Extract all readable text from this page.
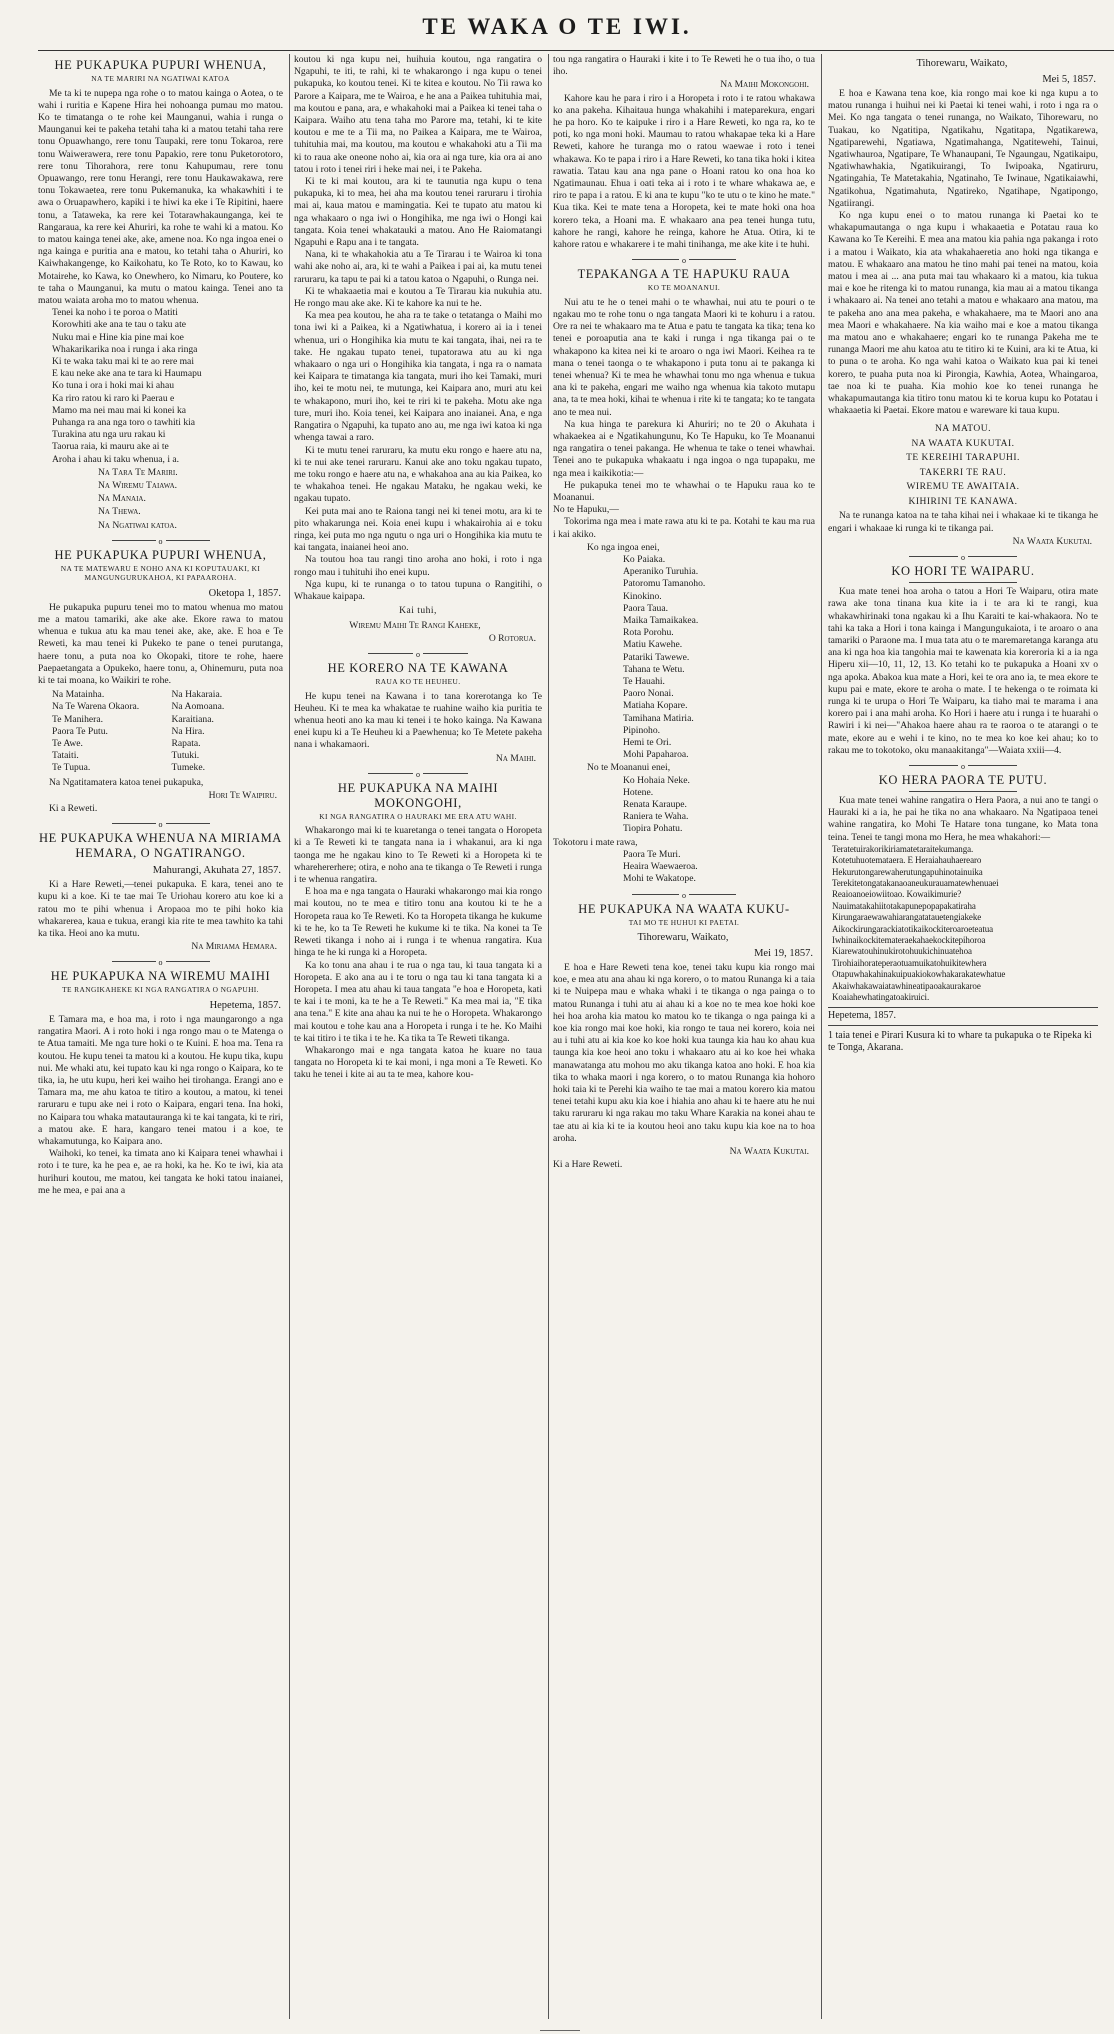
TE WAKA O TE IWI.
HE PUKAPUKA PUPURI WHENUA,
NA TE MARIRI NA NGATIWAI KATOA

Me ta ki te nupepa nga rohe o to matou kainga o Aotea, o te wahi i ruritia e Kapene Hira hei nohoanga pumau mo matou. Ko te timatanga o te rohe kei Maunganui, wahia i runga o Maunganui kei te pakeha tetahi taha ki a matou tetahi taha rere tonu Opuawhango, rere tonu Taupaki, rere tonu Tokaroa, rere tonu Waiwerawera, rere tonu Papakio, rere tonu Puketorotoro, rere tonu Tihorahora, rere tonu Kahupumau, rere tonu Opuawango, rere tonu Herangi, rere tonu Haukawakawa, rere tonu Tokawaetea, rere tonu Pukemanuka, ka whakawhiti i te awa o Oruapawhero, kapiki i te hiwi ka eke i Te Ripitini, haere tonu, a Tataweka, ka rere kei Totarawhakaunganga, kei te Rangaraua, ka rere kei Ahuriri, ka rohe te wahi ki a matou. Ko to matou kainga tenei ake, ake, amene noa. Ko nga ingoa enei o nga kainga e puritia ana e matou, ko tetahi taha o Ahuriri, ko Kaiwhakangenge, ko Kaikohatu, ko Te Roto, ko to Kawau, ko Motairehe, ko Kawa, ko Onewhero, ko Nimaru, ko Poutere, ko te taha o Maunganui, ka mutu o matou kainga. Tenei ano ta matou waiata aroha mo to matou whenua.

Tenei ka noho i te poroa o Matiti
Korowhiti ake ana te tau o taku ate
Nuku mai e Hine kia pine mai koe
Whakarikarika noa i runga i aka ringa
Ki te waka taku mai ki te ao rere mai
E kau neke ake ana te tara ki Haumapu
Ko tuna i ora i hoki mai ki ahau
Ka riro ratou ki raro ki Paerau e
Mamo ma nei mau mai ki konei ka
Puhanga ra ana nga toro o tawhiti kia
Turakina atu nga uru rakau ki
Taorua raia, ki mauru ake ai te
Aroha i ahau ki taku whenua, i a.
Na Tara Te Mariri.
Na Wiremu Taiawa.
Na Manaia.
Na Thewa.
Na Ngatiwai katoa.
o
HE PUKAPUKA PUPURI WHENUA,
NA TE MATEWARU E NOHO ANA KI KOPUTAUAKI, KI MANGUNGURUKAHOA, KI PAPAAROHA.
Oketopa 1, 1857.

He pukapuka pupuru tenei mo to matou whenua mo matou me a matou tamariki, ake ake ake. Ekore rawa to matou whenua e tukua atu ka mau tenei ake, ake, ake. E hoa e Te Reweti, ka mau tenei ki Pukeko te pane o tenei purutanga, haere tonu, a puta noa ko Okopaki, titore te rohe, haere Paepaetangata a Opukeko, haere tonu, a, Ohinemuru, puta noa ki te tai moana, ko Waikiri te rohe.

Na Matainha.	Na Hakaraia.
Na Te Warena Okaora.	Na Aomoana.
Te Manihera.	Karaitiana.
Paora Te Putu.	Na Hira.
Te Awe.	Rapata.
Tataiti.	Tutuki.
Te Tupua.	Tumeke.

Na Ngatitamatera katoa tenei pukapuka,

Hori Te Waipiru.
Ki a Reweti.
o
HE PUKAPUKA WHENUA NA MIRIAMA HEMARA, O NGATIRANGO.
Mahurangi, Akuhata 27, 1857.

Ki a Hare Reweti,—tenei pukapuka. E kara, tenei ano te kupu ki a koe. Ki te tae mai Te Uriohau korero atu koe ki a ratou mo te pihi whenua i Aropaoa mo te pihi hoko kia whakarerea, kaua e tukua, erangi kia rite te mea tawhito ka tahi ka tika. Heoi ano ka mutu.

Na Miriama Hemara.
o
HE PUKAPUKA NA WIREMU MAIHI
TE RANGIKAHEKE KI NGA RANGATIRA O NGAPUHI.
Hepetema, 1857.

E Tamara ma, e hoa ma, i roto i nga maungarongo a nga rangatira Maori. A i roto hoki i nga rongo mau o te Matenga o te Atua tamaiti. Me nga ture hoki o te Kuini. E hoa ma. Tena ra koutou. He kupu tenei ta matou ki a koutou. He kupu tika, kupu nui. Me whaki atu, kei tupato kau ki nga rongo o Kaipara, ko te tika, ia, he utu kupu, heri kei waiho hei tirohanga. Erangi ano e Tamara ma, me ahu katoa te titiro a koutou, a matou, ki tenei raruraru e tupu ake nei i roto o Kaipara, engari tena. Ina hoki, no Kaipara tou whaka matautauranga ki te kai tangata, ki te riri, a matou ake. E hara, kangaro tenei matou i a koe, te whakamutunga, ko Kaipara ano.

Waihoki, ko tenei, ka timata ano ki Kaipara tenei whawhai i roto i te ture, ka he pea e, ae ra hoki, ka he. Ko te iwi, kia ata hurihuri koutou, me matou, kei tangata ke hoki tatou inaianei, me he mea, e pai ana a

koutou ki nga kupu nei, huihuia koutou, nga rangatira o Ngapuhi, te iti, te rahi, ki te whakarongo i nga kupu o tenei pukapuka, ko koutou tenei. Ki te kitea e koutou. No Tii rawa ko Parore a Kaipara, me te Wairoa, e he ana a Paikea tuhituhia mai, ma koutou e pana, ara, e whakahoki mai a Paikea ki tenei taha o Kaipara. Waiho atu tena taha mo Parore ma, tetahi, ki te kite koutou e me te a Tii ma, no Paikea a Kaipara, me te Wairoa, tuhituhia mai, ma koutou, ma koutou e whakahoki atu a Tii ma ki to raua ake oneone noho ai, kia ora ai nga ture, kia ora ai ano tatou i roto i tenei riri i heke mai nei, i te Pakeha.

Ki te ki mai koutou, ara ki te taunutia nga kupu o tena pukapuka, ki to mea, hei aha ma koutou tenei raruraru i tirohia mai ai, kaua matou e mamingatia. Kei te tupato atu matou ki nga whakaaro o nga iwi o Hongihika, me nga iwi o Hongi kai tangata. Koia tenei whakatauki a matou. Ano He Raiomatangi Ngapuhi e Rapu ana i te tangata.

Nana, ki te whakahokia atu a Te Tirarau i te Wairoa ki tona wahi ake noho ai, ara, ki te wahi a Paikea i pai ai, ka mutu tenei raruraru, ka tapu te pai ki a tatou katoa o Ngapuhi, o Runga nei.

Ki te whakaaetia mai e koutou a Te Tirarau kia nukuhia atu. He rongo mau ake ake. Ki te kahore ka nui te he.

Ka mea pea koutou, he aha ra te take o tetatanga o Maihi mo tona iwi ki a Paikea, ki a Ngatiwhatua, i korero ai ia i tenei whenua, uri o Hongihika kia mutu te kai tangata, ihai, nei ra te take. He ngakau tupato tenei, tupatorawa atu au ki nga whakaaro o nga uri o Hongihika kia tangata, i nga ra o namata kei Kaipara te timatanga kia tangata, muri iho kei Tamaki, muri iho, kei te motu nei, te mutunga, kei Kaipara ano, muri atu kei te whakapono, muri iho, kei te riri ki te pakeha. Motu ake nga ture, muri iho. Koia tenei, kei Kaipara ano inaianei. Ana, e nga Rangatira o Ngapuhi, ka tupato ano au, me nga iwi katoa ki nga whenga tawai a raro.

Ki te mutu tenei raruraru, ka mutu eku rongo e haere atu na, ki te nui ake tenei raruraru. Kanui ake ano toku ngakau tupato, me toku rongo e haere atu na, e whakahoa ana au kia Paikea, ko te whakahoa tenei. He ngakau Mataku, he ngakau weki, ke ngakau tupato.

Kei puta mai ano te Raiona tangi nei ki tenei motu, ara ki te pito whakarunga nei. Koia enei kupu i whakairohia ai e toku ringa, kei puta mo nga ngutu o nga uri o Hongihika kia mutu te kai tangata, inaianei heoi ano.

Na toutou hoa tau rangi tino aroha ano hoki, i roto i nga rongo mau i tuhituhi iho enei kupu.

Nga kupu, ki te runanga o to tatou tupuna o Rangitihi, o Whakaue kaipapa.

Kai tuhi,
Wiremu Maihi Te Rangi Kaheke,
O Rotorua.
o
HE KORERO NA TE KAWANA
RAUA KO TE HEUHEU.

He kupu tenei na Kawana i to tana korerotanga ko Te Heuheu. Ki te mea ka whakatae te ruahine waiho kia puritia te whenua heoti ano ka mau ki tenei i te hoko kainga. Na Kawana enei kupu ki a Te Heuheu ki a Paewhenua; ko Te Metete pakeha nana i whakamaori.

Na Maihi.
o
HE PUKAPUKA NA MAIHI MOKONGOHI,
KI NGA RANGATIRA O HAURAKI ME ERA ATU WAHI.

Whakarongo mai ki te kuaretanga o tenei tangata o Horopeta ki a Te Reweti ki te tangata nana ia i whakanui, ara ki nga taonga me he ngakau kino to Te Reweti ki a Horopeta ki te wharehererhere; otira, e noho ana te tikanga o Te Reweti i runga i te whenua rangatira.

E hoa ma e nga tangata o Hauraki whakarongo mai kia rongo mai koutou, no te mea e titiro tonu ana koutou ki te he a Horopeta raua ko Te Reweti. Ko ta Horopeta tikanga he kukume ki te he, ko ta Te Reweti he kukume ki te tika. Na konei ta Te Reweti tikanga i noho ai i runga i te whenua rangatira. Kua hinga te he ki runga ki a Horopeta.

Ka ko tonu ana ahau i te rua o nga tau, ki taua tangata ki a Horopeta. E ako ana au i te toru o nga tau ki tana tangata ki a Horopeta. I mea atu ahau ki taua tangata "e hoa e Horopeta, kati te kai i te moni, ka te he a Te Reweti." Ka mea mai ia, "E tika ana tena." E kite ana ahau ka nui te he o Horopeta. Whakarongo mai koutou e tohe kau ana a Horopeta i runga i te he. Ko Maihi te kai titiro i te tika i te he. Ka tika ta Te Reweti tikanga.

Whakarongo mai e nga tangata katoa he kuare no taua tangata no Horopeta ki te kai moni, i nga moni a Te Reweti. Ko taku he tenei i kite ai au ta te mea, kahore kou-

tou nga rangatira o Hauraki i kite i to Te Reweti he o tua iho, o tua iho.

Na Maihi Mokongohi.

Kahore kau he para i riro i a Horopeta i roto i te ratou whakawa ko ana pakeha. Kihaitaua hunga whakahihi i mateparekura, engari he pa horo. Ko te kaipuke i riro i a Hare Reweti, ko nga ra, ko te poti, ko nga moni hoki. Maumau to ratou whakapae teka ki a Hare Reweti, kahore he turanga mo o ratou waewae i roto i tenei whakawa. Ko te papa i riro i a Hare Reweti, ko tana tika hoki i kitea rawatia. Tatau kau ana nga pane o Hoani ratou ko ona hoa ko Ngatimaunau. Ehua i oati teka ai i roto i te whare whakawa ae, e riro te papa i a ratou. E ki ana te kupu "ko te utu o te kino he mate." Kua tika. Kei te mate tena a Horopeta, kei te mate hoki ona hoa korero teka, a Hoani ma. E whakaaro ana pea tenei hunga tutu, kahore he rangi, kahore he reinga, kahore he Atua. Otira, ki te kahore ratou e whakarere i te mahi tinihanga, me ake kite i te huhi.

o
TEPAKANGA A TE HAPUKU RAUA
KO TE MOANANUI.

Nui atu te he o tenei mahi o te whawhai, nui atu te pouri o te ngakau mo te rohe tonu o nga tangata Maori ki te kohuru i a ratou. Ore ra nei te whakaaro ma te Atua e patu te tangata ka tika; tena ko tenei e poroaputia ana te kaki i runga i nga tikanga pai o te whakapono ka kitea nei ki te aroaro o nga iwi Maori. Keihea ra te mana o tenei taonga o te whakapono i puta tonu ai te pakanga ki tenei whenua? Ki te mea he whawhai tonu mo nga whenua e tukua ana ki te pakeha, engari me waiho nga whenua kia takoto mutapu ana, ta te mea hoki, kihai te whenua i rite ki te tangata; ko te tangata ano te mea nui.

Na kua hinga te parekura ki Ahuriri; no te 20 o Akuhata i whakaekea ai e Ngatikahungunu, Ko Te Hapuku, ko Te Moananui nga rangatira o tenei pakanga. He whenua te take o tenei whawhai. Tenei ano te pukapuka whakaatu i nga ingoa o nga tupapaku, me nga mea i kaikikotia:—

He pukapuka tenei mo te whawhai o te Hapuku raua ko te Moananui.

No te Hapuku,—

Tokorima nga mea i mate rawa atu ki te pa. Kotahi te kau ma rua i kai akiko.

Ko nga ingoa enei,
Ko Paiaka.
Aperaniko Turuhia.
Patoromu Tamanoho.
Kinokino.
Paora Taua.
Maika Tamaikakea.
Rota Porohu.
Matiu Kawehe.
Patariki Tawewe.
Tahana te Wetu.
Te Hauahi.
Paoro Nonai.
Matiaha Kopare.
Tamihana Matiria.
Pipinoho.
Hemi te Ori.
Mohi Papaharoa.
No te Moananui enei,
Ko Hohaia Neke.
Hotene.
Renata Karaupe.
Raniera te Waha.
Tiopira Pohatu.
Tokotoru i mate rawa,
Paora Te Muri.
Heaira Waewaeroa.
Mohi te Wakatope.
o
HE PUKAPUKA NA WAATA KUKU-
TAI MO TE HUHUI KI PAETAI.
Tihorewaru, Waikato,
Mei 19, 1857.

E hoa e Hare Reweti tena koe, tenei taku kupu kia rongo mai koe, e mea atu ana ahau ki nga korero, o to matou Runanga ki a taia ki te Nuipepa mau e whaka whaki i te tikanga o nga painga o to matou Runanga i tuhi atu ai ahau ki a koe no te mea koe hoki koe hei hoa aroha kia matou ko matou ko te tikanga o nga painga ki a koe kia rongo mai koe hoki, kia rongo te taua nei korero, koia nei au i tuhi atu ai kia koe ko koe hoki kua taunga kia hau ko ahau kua taunga kia koe heoi ano toku i whakaaro atu ai ko koe hei whaka manawatanga atu mohou mo aku tikanga katoa ano hoki. E hoa kia tika to whaka maori i nga korero, o to matou Runanga kia hohoro hoki taia ki te Perehi kia waiho te tae mai a matou korero kia matou tenei tetahi kupu aku kia koe i hiahia ano ahau ki te haere atu he nui taku raruraru ki nga rakau mo taku Whare Karakia na konei ahau te tae atu ai kia ki te ia koutou heoi ano taku kupu kia koe na to hoa aroha.

Na Waata Kukutai.
Ki a Hare Reweti.
Tihorewaru, Waikato,
Mei 5, 1857.

E hoa e Kawana tena koe, kia rongo mai koe ki nga kupu a to matou runanga i huihui nei ki Paetai ki tenei wahi, i roto i nga ra o Mei. Ko nga tangata o tenei runanga, no Waikato, Tihorewaru, no Tuakau, ko Ngatitipa, Ngatikahu, Ngatitapa, Ngatikarewa, Ngatiparewehi, Ngatiawa, Ngatimahanga, Ngatitewehi, Tainui, Ngatiwhauroa, Ngatipare, Te Whanaupani, Te Ngaungau, Ngatikaipu, Ngatiwhawhakia, Ngatikuirangi, To Iwipoaka, Ngatiruru, Ngatingahia, Te Matetakahia, Ngatinaho, Te Iwinaue, Ngatikaiawhi, Ngatikohua, Ngatimahuta, Ngatireko, Ngatihape, Ngatipongo, Ngatiirangi.

Ko nga kupu enei o to matou runanga ki Paetai ko te whakapumautanga o nga kupu i whakaaetia e Potatau raua ko Kawana ko Te Kereihi. E mea ana matou kia pahia nga pakanga i roto i a matou i Waikato, kia ata whakahaeretia ano hoki nga tikanga e matou. E whakaaro ana matou he tino mahi pai tenei na matou, koia matou i mea ai ... ana puta mai tau whakaaro ki a matou, kia tukua mai e koe he ritenga ki to matou runanga, kia mau ai a matou tikanga i whakaaro ai. Na tenei ano tetahi a matou e whakaaro ana matou, ma te pakeha ano ana mea pakeha, e whakahaere, ma te Maori ano ana mea Maori e whakahaere. Na kia waiho mai e koe a matou tikanga ma matou ano e whakahaere; engari ko te runanga Pakeha me te runanga Maori me ahu katoa atu te titiro ki te Kuini, ara ki te Atua, ki to puna o te aroha. Ko nga wahi katoa o Waikato kua pai ki tenei korero, te puaha puta noa ki Pirongia, Kawhia, Aotea, Whaingaroa, tae noa ki te puaha. Kia mohio koe ko tenei runanga he whakapumautanga kia titiro tonu matou ki te korua kupu ko Potatau i whakaaetia ki Paetai. Ekore matou e wareware ki taua kupu.

NA MATOU.
NA WAATA KUKUTAI.
TE KEREIHI TARAPUHI.
TAKERRI TE RAU.
WIREMU TE AWAITAIA.
KIHIRINI TE KANAWA.

Na te runanga katoa na te taha kihai nei i whakaae ki te tikanga he engari i whakaae ki runga ki te tikanga pai.

Na Waata Kukutai.
o
KO HORI TE WAIPARU.

Kua mate tenei hoa aroha o tatou a Hori Te Waiparu, otira mate rawa ake tona tinana kua kite ia i te ara ki te rangi, kua whakawhirinaki tona ngakau ki a Ihu Karaiti te kai-whakaora. No te tahi ka taka a Hori i tona kainga i Mangungukaiota, i te aroaro o ana tamariki o Paraone ma. I mua tata atu o te maremaretanga karanga atu ana ki nga hoa kia tangohia mai te kawenata kia koreroria ki a ia nga Hiperu xii—10, 11, 12, 13. Ko tetahi ko te pukapuka a Hoani xv o nga apoka. Abakoa kua mate a Hori, kei te ora ano ia, te mea ekore te kupu pai e mate, ekore te aroha o mate. I te hekenga o te roimata ki runga ki te urupa o Hori Te Waiparu, ka tiaho mai te marama i ana korero pai i ana mahi aroha. Ko Hori i haere atu i runga i te huarahi o Rawiri i ki nei—"Ahakoa haere ahau ra te raoroa o te atarangi o te mate, ekore au e wehi i te kino, no te mea ko koe kei ahau; ko to rakau me to tokotoko, oku manaakitanga"—Waiata xxiii—4.

o
KO HERA PAORA TE PUTU.

Kua mate tenei wahine rangatira o Hera Paora, a nui ano te tangi o Hauraki ki a ia, he pai he tika no ana whakaaro. Na Ngatipaoa tenei wahine rangatira, ko Mohi Te Hatare tona tungane, ko Mata tona teina. Tenei te tangi mona mo Hera, he mea whakahori:—

Teratetuirakorikiriamatetaraitekumanga.
Kotetuhuotemataera. E Heraiahauhaerearo
Hekurutongarewaherutungapuhinotainuika
Terekitetongatakanaoaneukurauamatewhenuaei
Reaioanoeiowiitoao. Kowaikimurie?
Nauimatakahiitotakapunepopapakatiraha
Kirungaraewawahiarangatatauetengiakeke
Aikockirungarackiatotikaikockiteroaroeteatua
Iwhinaikockitemateraekahaekockitepihoroa
Kiarewatouhinukirotohuukichinuatehoa
Tirohiaihorateperaotuamuikatohuikitewhera
Otapuwhakahinakuipuakiokowhakarakatewhatue
Akaiwhakawaiatawhineatipaoakaurakaroe
Koaiahewhatingatoakiruici.
Hepetema, 1857.
1 taia tenei e Pirari Kusura ki to whare ta pukapuka o te Ripeka ki te Tonga, Akarana.
